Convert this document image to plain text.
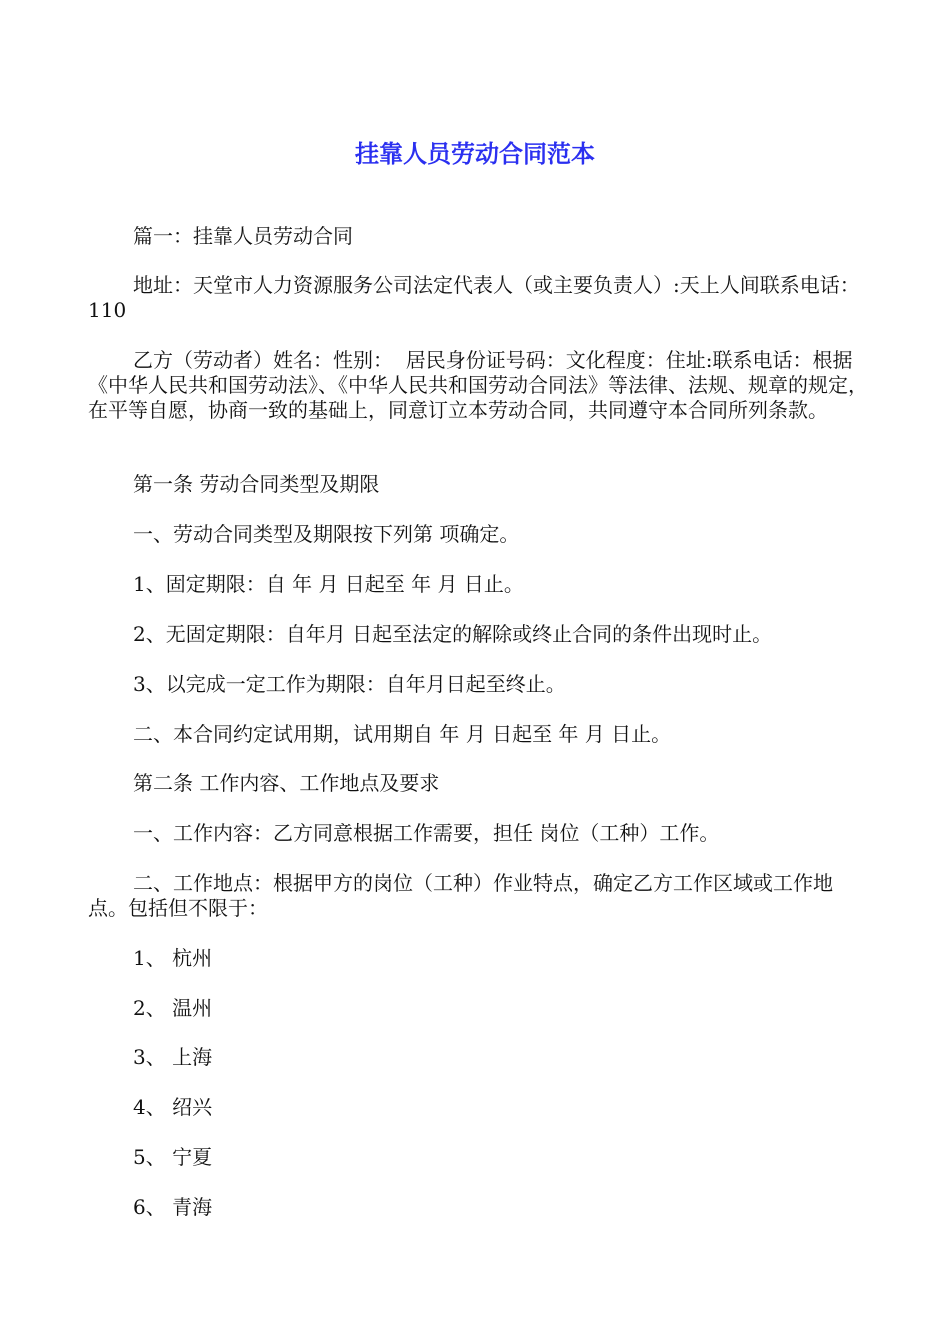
挂靠人员劳动合同范本

篇一：挂靠人员劳动合同

地址：天堂市人力资源服务公司法定代表人（或主要负责人）:天上人间联系电话：110

乙方（劳动者）姓名：性别：  居民身份证号码：文化程度：住址:联系电话：根据《中华人民共和国劳动法》、《中华人民共和国劳动合同法》等法律、法规、规章的规定，在平等自愿，协商一致的基础上，同意订立本劳动合同，共同遵守本合同所列条款。

第一条 劳动合同类型及期限

一、劳动合同类型及期限按下列第 项确定。

1、固定期限：自 年 月 日起至 年 月 日止。

2、无固定期限：自年月 日起至法定的解除或终止合同的条件出现时止。

3、以完成一定工作为期限：自年月日起至终止。

二、本合同约定试用期，试用期自 年 月 日起至 年 月 日止。

第二条 工作内容、工作地点及要求

一、工作内容：乙方同意根据工作需要，担任 岗位（工种）工作。

二、工作地点：根据甲方的岗位（工种）作业特点，确定乙方工作区域或工作地点。包括但不限于：

1、 杭州

2、 温州

3、 上海

4、 绍兴

5、 宁夏

6、 青海
